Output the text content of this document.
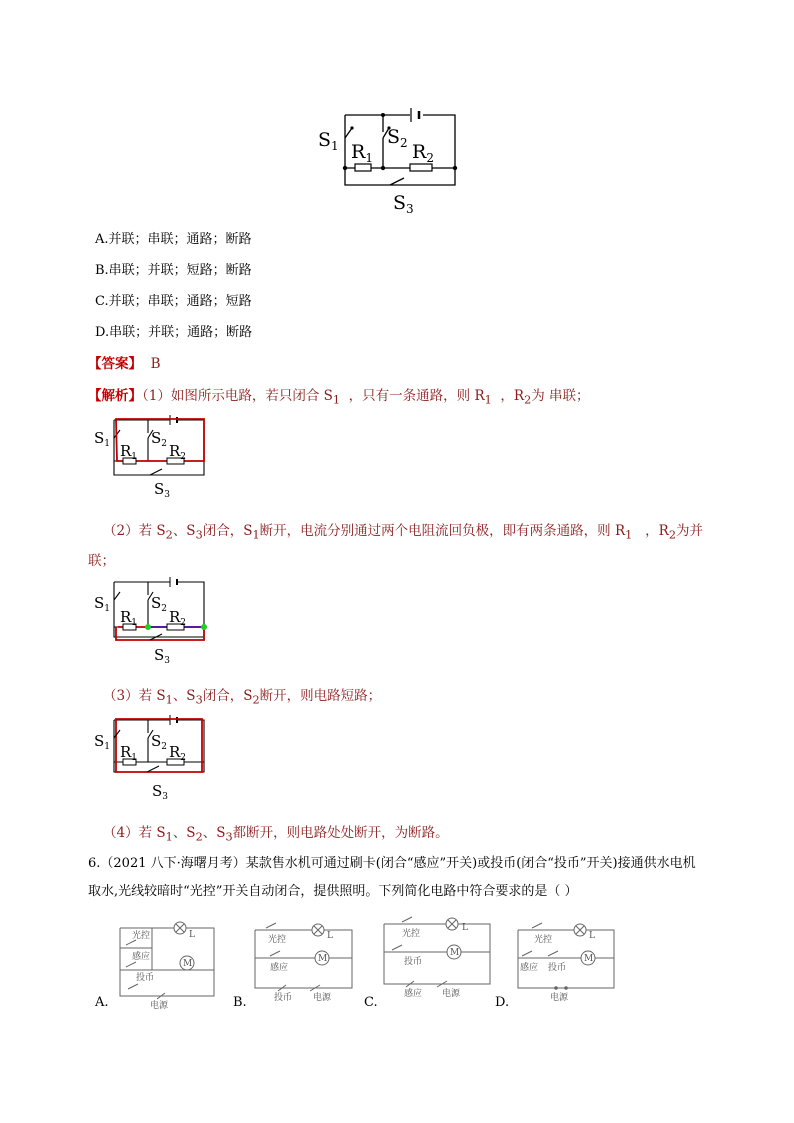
$S_1$	$S_2$
$R_1$ $R_2$
$S_3$
A.并联；串联；通路；断路
B.串联；并联；短路；断路
C.并联；串联；通路；短路
D.串联；并联；通路；断路
【答案】 B
【解析】（1）如图所示电路，若只闭合 $S_1$ ，只有一条通路，则 $R_1$ ，$R_2$为 串联；
$S_1$	$S_2$
$R_1$ $R_2$
$S_3$
（2）若 $S_2$、$S_3$闭合，$S_1$断开，电流分别通过两个电阻流回负极，即有两条通路，则 $R_1$ ，$R_2$为并
联；
$S_1$	$S_2$
$R_1$ $R_2$
$S_3$
（3）若 $S_1$、$S_3$闭合，$S_2$断开，则电路短路；
$S_1$	$S_2$
$R_1$ $R_2$
$S_3$
（4）若 $S_1$、$S_2$、$S_3$都断开，则电路处处断开，为断路。
6.（2021 八下·海曙月考）某款售水机可通过刷卡(闭合“感应”开关)或投币(闭合“投币”开关)接通供水电机
取水,光线较暗时“光控”开关自动闭合，提供照明。下列简化电路中符合要求的是（ ）
M
L
光控
感应
投币
电源
A.
M
L
光控
感应
投币 电源
B.
M
L
光控
投币
感应 电源
C.
M
L
光控
感应 投币
电源
D.
